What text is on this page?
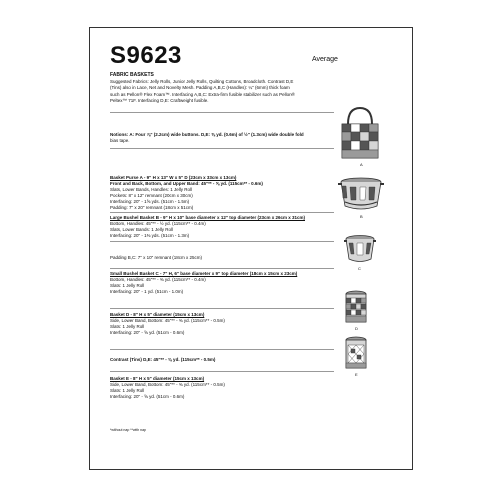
S9623	Average
FABRIC BASKETS
Suggested Fabrics: Jelly Rolls, Junior Jelly Rolls, Quilting Cottons, Broadcloth. Contrast D,E
(Tins) also in Lace, Net and Novelty Mesh. Padding A,B,C (Handles): ¼" (6mm) thick foam
such as Pellon® Flex Foam™. Interfacing A,B,C: Extra-firm fusible stabilizer such as Pellon®
Peltex™ 71F. Interfacing D,E: Craftweight fusible.
Notions: A: Four ⅞" (2.2cm) wide buttons. D,E: ⅝ yd. (0.6m) of ½" (1.3cm) wide double fold
bias tape.
Basket Purse A - 9" H x 13" W x 5" D (23cm x 33cm x 13cm)
Front and Back, Bottom, and Upper Band: 45"** - ⅝ yd. (115cm** - 0.6m)
Slats, Lower Bands, Handles: 1 Jelly Roll
Pockets: 8" x 12" remnant (20cm x 30cm)
Interfacing: 20" - 1⅝ yds. (51cm - 1.5m)
Padding: 7" x 20" remnant (18cm x 51cm)
Large Bushel Basket B - 9" H x 10" base diameter x 12" top diameter (23cm x 26cm x 31cm)
Bottom, Handles: 45"** - ½ yd. (115cm** - 0.4m)
Slats, Lower Bands: 1 Jelly Roll
Interfacing: 20" - 1⅜ yds. (51cm - 1.3m)
Padding B,C: 7" x 10" remnant (18cm x 25cm)
Small Bushel Basket C - 7" H, 6" base diameter x 9" top diameter (18cm x 15cm x 23cm)
Bottom, Handles: 45"** - ⅜ yd. (115cm** - 0.4m)
Slats: 1 Jelly Roll
Interfacing: 20" - 1 yd. (51cm - 1.0m)
Basket D - 8" H x 5" diameter (15cm x 13cm)
Side, Lower Band, Bottom: 45"** - ⅜ yd. (115cm** - 0.5m)
Slats: 1 Jelly Roll
Interfacing: 20" - ⅝ yd. (51cm - 0.6m)
Contrast (Tins) D,E: 45"** - ⅜ yd. (115cm** - 0.5m)
Basket E - 8" H x 5" diameter (15cm x 13cm)
Side, Lower Band, Bottom: 45"** - ⅜ yd. (115cm** - 0.5m)
Slats: 1 Jelly Roll
Interfacing: 20" - ⅝ yd. (51cm - 0.6m)
*without nap **with nap
A
B
C
D
E
